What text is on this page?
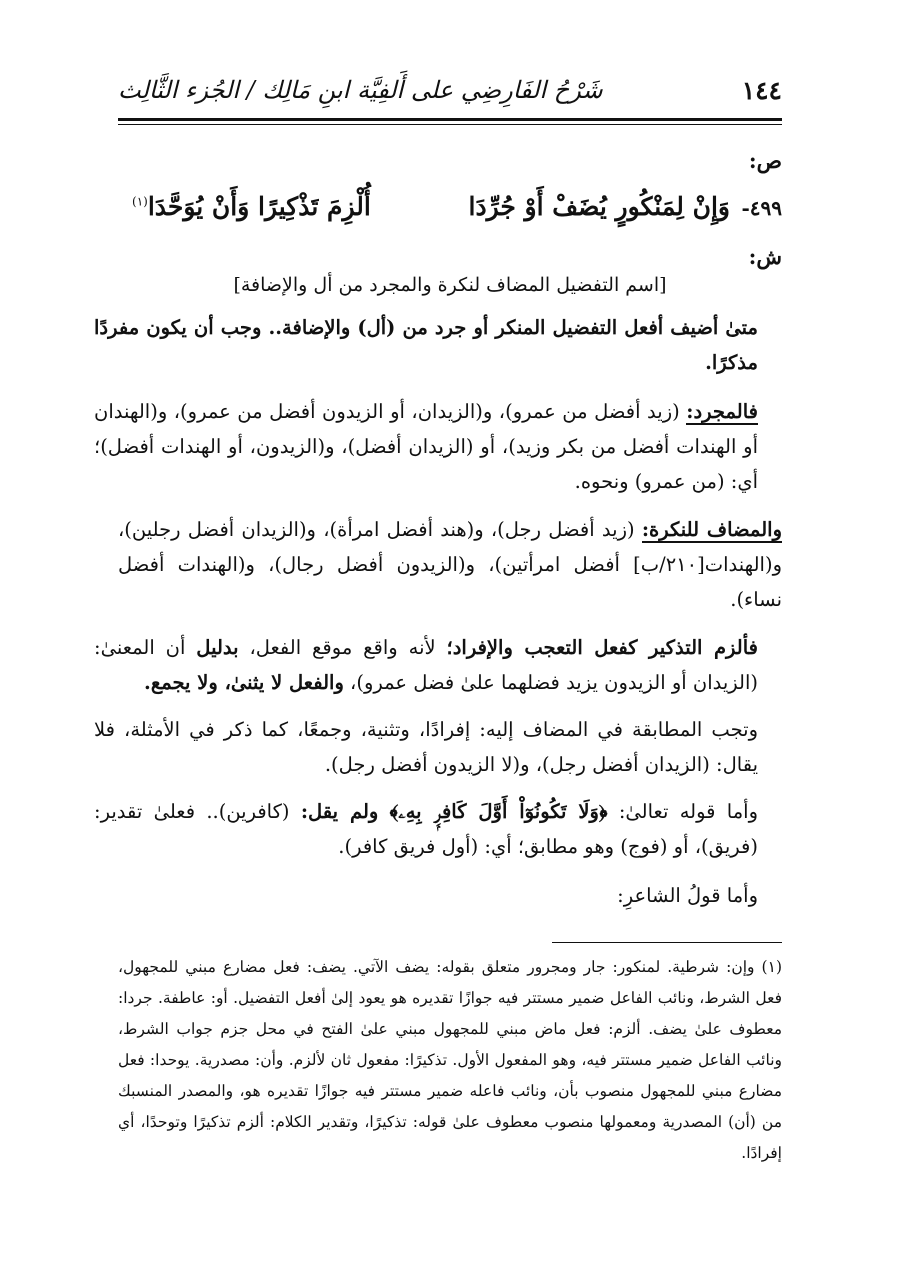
١٤٤
شَرْحُ الفَارِضِي على أَلفِيَّة ابنِ مَالِك / الجُزء الثَّالِث
ص:
٤٩٩-
وَإِنْ لِمَنْكُورٍ يُضَفْ أَوْ جُرِّدَا
أُلْزِمَ تَذْكِيرًا وَأَنْ يُوَحَّدَا$^{(١)}$
ش:
[اسم التفضيل المضاف لنكرة والمجرد من أل والإضافة]

متىٰ أضيف أفعل التفضيل المنكر أو جرد من (أل) والإضافة.. وجب أن يكون مفردًا مذكرًا.

فالمجرد: (زيد أفضل من عمرو)، و(الزيدان، أو الزيدون أفضل من عمرو)، و(الهندان أو الهندات أفضل من بكر وزيد)، أو (الزيدان أفضل)، و(الزيدون، أو الهندات أفضل)؛ أي: (من عمرو) ونحوه.

والمضاف للنكرة: (زيد أفضل رجل)، و(هند أفضل امرأة)، و(الزيدان أفضل رجلين)، و(الهندات[٢١٠/ب] أفضل امرأتين)، و(الزيدون أفضل رجال)، و(الهندات أفضل نساء).

فألزم التذكير كفعل التعجب والإفراد؛ لأنه واقع موقع الفعل، بدليل أن المعنىٰ: (الزيدان أو الزيدون يزيد فضلهما علىٰ فضل عمرو)، والفعل لا يثنىٰ، ولا يجمع.

وتجب المطابقة في المضاف إليه: إفرادًا، وتثنية، وجمعًا، كما ذكر في الأمثلة، فلا يقال: (الزيدان أفضل رجل)، و(لا الزيدون أفضل رجل).

وأما قوله تعالىٰ: ﴿وَلَا تَكُونُوٓاْ أَوَّلَ كَافِرِۭ بِهِۦ﴾ ولم يقل: (كافرين).. فعلىٰ تقدير: (فريق)، أو (فوج) وهو مطابق؛ أي: (أول فريق كافر).

وأما قولُ الشاعرِ:

(١) وإن: شرطية. لمنكور: جار ومجرور متعلق بقوله: يضف الآتي. يضف: فعل مضارع مبني للمجهول، فعل الشرط، ونائب الفاعل ضمير مستتر فيه جوازًا تقديره هو يعود إلىٰ أفعل التفضيل. أو: عاطفة. جردا: معطوف علىٰ يضف. ألزم: فعل ماض مبني للمجهول مبني علىٰ الفتح في محل جزم جواب الشرط، ونائب الفاعل ضمير مستتر فيه، وهو المفعول الأول. تذكيرًا: مفعول ثان لألزم. وأن: مصدرية. يوحدا: فعل مضارع مبني للمجهول منصوب بأن، ونائب فاعله ضمير مستتر فيه جوازًا تقديره هو، والمصدر المنسبك من (أن) المصدرية ومعمولها منصوب معطوف علىٰ قوله: تذكيرًا، وتقدير الكلام: ألزم تذكيرًا وتوحدًا، أي إفرادًا.
